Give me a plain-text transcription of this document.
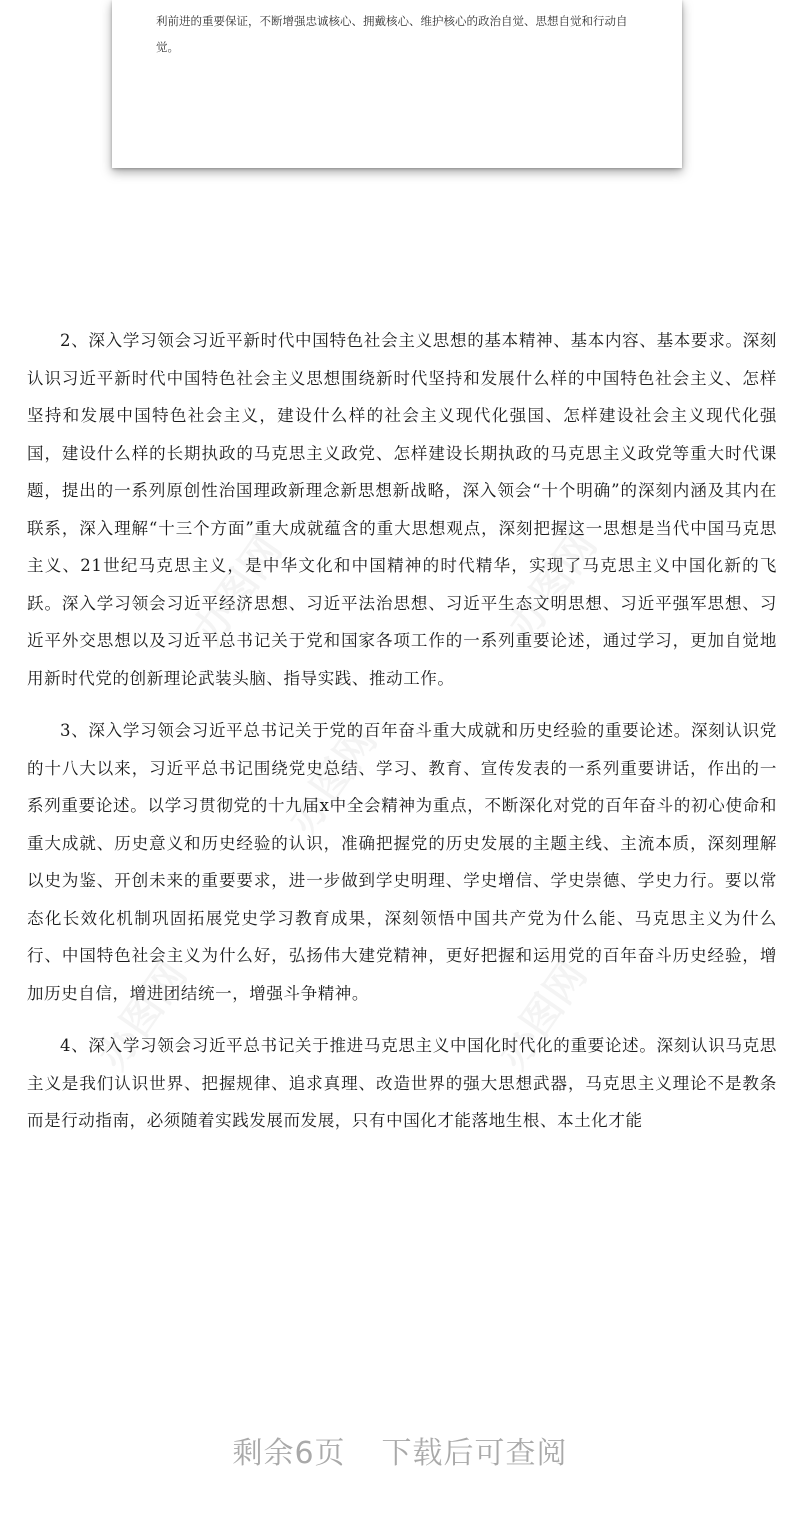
利前进的重要保证，不断增强忠诚核心、拥戴核心、维护核心的政治自觉、思想自觉和行动自
觉。

2、深入学习领会习近平新时代中国特色社会主义思想的基本精神、基本内容、基本要求。深刻认识习近平新时代中国特色社会主义思想围绕新时代坚持和发展什么样的中国特色社会主义、怎样坚持和发展中国特色社会主义，建设什么样的社会主义现代化强国、怎样建设社会主义现代化强国，建设什么样的长期执政的马克思主义政党、怎样建设长期执政的马克思主义政党等重大时代课题，提出的一系列原创性治国理政新理念新思想新战略，深入领会“十个明确”的深刻内涵及其内在联系，深入理解“十三个方面”重大成就蕴含的重大思想观点，深刻把握这一思想是当代中国马克思主义、21世纪马克思主义，是中华文化和中国精神的时代精华，实现了马克思主义中国化新的飞跃。深入学习领会习近平经济思想、习近平法治思想、习近平生态文明思想、习近平强军思想、习近平外交思想以及习近平总书记关于党和国家各项工作的一系列重要论述，通过学习，更加自觉地用新时代党的创新理论武装头脑、指导实践、推动工作。

3、深入学习领会习近平总书记关于党的百年奋斗重大成就和历史经验的重要论述。深刻认识党的十八大以来，习近平总书记围绕党史总结、学习、教育、宣传发表的一系列重要讲话，作出的一系列重要论述。以学习贯彻党的十九届x中全会精神为重点，不断深化对党的百年奋斗的初心使命和重大成就、历史意义和历史经验的认识，准确把握党的历史发展的主题主线、主流本质，深刻理解以史为鉴、开创未来的重要要求，进一步做到学史明理、学史增信、学史崇德、学史力行。要以常态化长效化机制巩固拓展党史学习教育成果，深刻领悟中国共产党为什么能、马克思主义为什么行、中国特色社会主义为什么好，弘扬伟大建党精神，更好把握和运用党的百年奋斗历史经验，增加历史自信，增进团结统一，增强斗争精神。

4、深入学习领会习近平总书记关于推进马克思主义中国化时代化的重要论述。深刻认识马克思主义是我们认识世界、把握规律、追求真理、改造世界的强大思想武器，马克思主义理论不是教条而是行动指南，必须随着实践发展而发展，只有中国化才能落地生根、本土化才能

剩余6页 下载后可查阅
